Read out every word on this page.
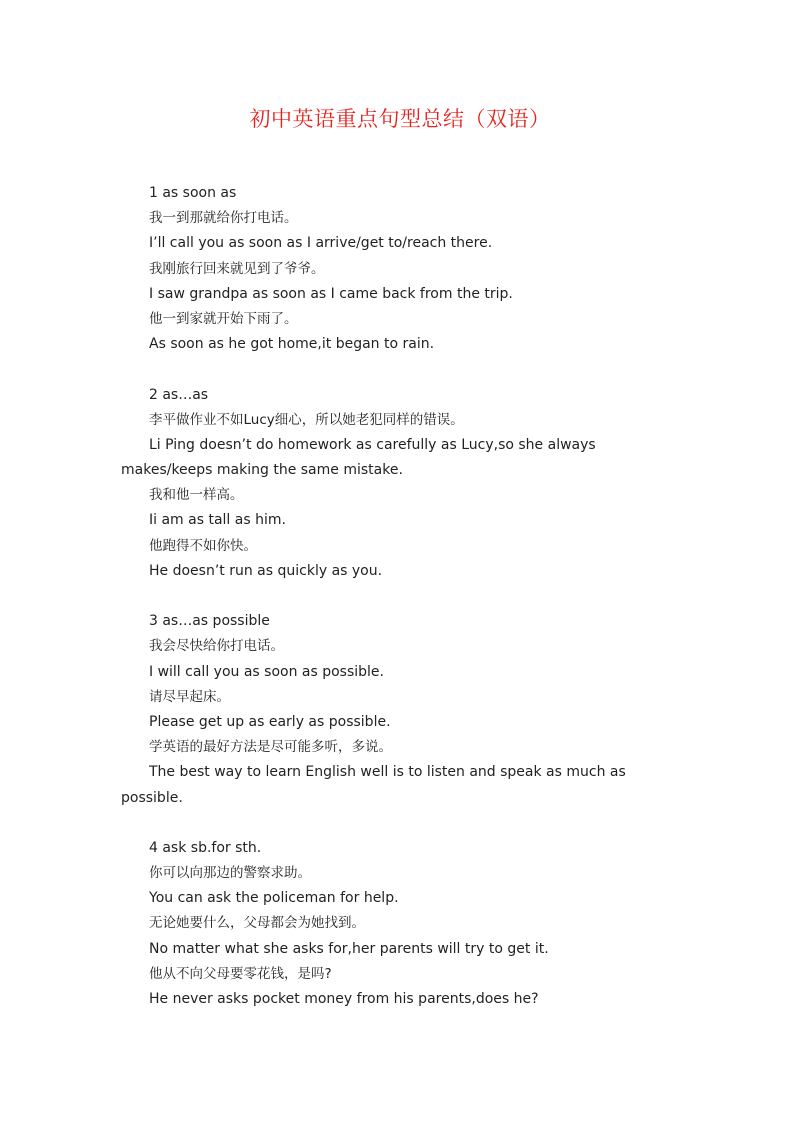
初中英语重点句型总结（双语）
1 as soon as
我一到那就给你打电话。
I’ll call you as soon as I arrive/get to/reach there.
我刚旅行回来就见到了爷爷。
I saw grandpa as soon as I came back from the trip.
他一到家就开始下雨了。
As soon as he got home,it began to rain.
2 as…as
李平做作业不如Lucy细心，所以她老犯同样的错误。
Li Ping doesn’t do homework as carefully as Lucy,so she always
makes/keeps making the same mistake.
我和他一样高。
Ii am as tall as him.
他跑得不如你快。
He doesn’t run as quickly as you.
3 as…as possible
我会尽快给你打电话。
I will call you as soon as possible.
请尽早起床。
Please get up as early as possible.
学英语的最好方法是尽可能多听，多说。
The best way to learn English well is to listen and speak as much as
possible.
4 ask sb.for sth.
你可以向那边的警察求助。
You can ask the policeman for help.
无论她要什么，父母都会为她找到。
No matter what she asks for,her parents will try to get it.
他从不向父母要零花钱，是吗?
He never asks pocket money from his parents,does he?
